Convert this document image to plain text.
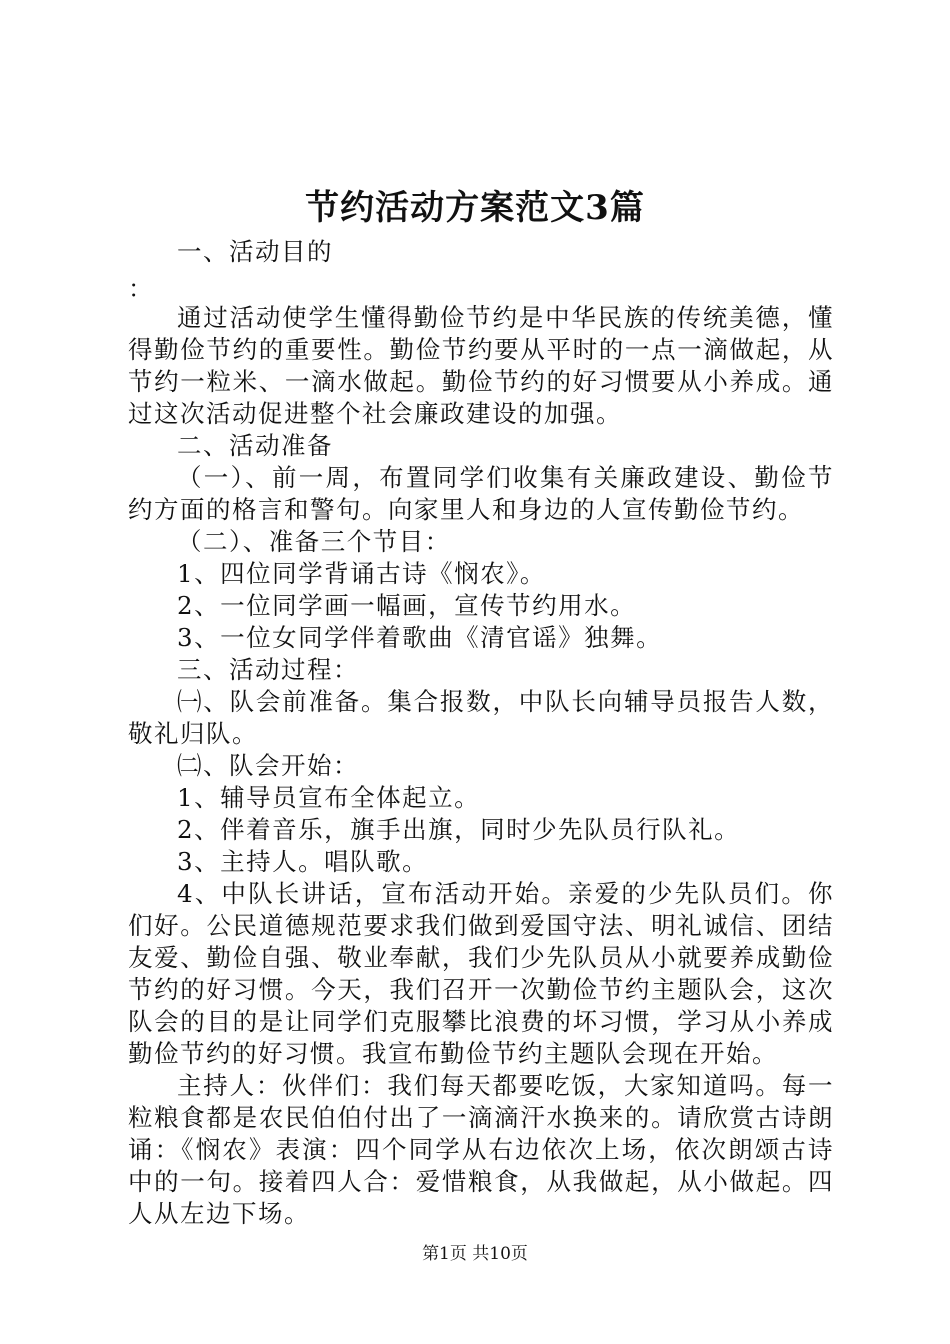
节约活动方案范文3篇

一、活动目的

：

通过活动使学生懂得勤俭节约是中华民族的传统美德，懂得勤俭节约的重要性。勤俭节约要从平时的一点一滴做起，从节约一粒米、一滴水做起。勤俭节约的好习惯要从小养成。通过这次活动促进整个社会廉政建设的加强。

二、活动准备

（一）、前一周，布置同学们收集有关廉政建设、勤俭节约方面的格言和警句。向家里人和身边的人宣传勤俭节约。

（二）、准备三个节目：

1、四位同学背诵古诗《悯农》。

2、一位同学画一幅画，宣传节约用水。

3、一位女同学伴着歌曲《清官谣》独舞。

三、活动过程：

㈠、队会前准备。集合报数，中队长向辅导员报告人数，敬礼归队。

㈡、队会开始：

1、辅导员宣布全体起立。

2、伴着音乐，旗手出旗，同时少先队员行队礼。

3、主持人。唱队歌。

4、中队长讲话，宣布活动开始。亲爱的少先队员们。你们好。公民道德规范要求我们做到爱国守法、明礼诚信、团结友爱、勤俭自强、敬业奉献，我们少先队员从小就要养成勤俭节约的好习惯。今天，我们召开一次勤俭节约主题队会，这次队会的目的是让同学们克服攀比浪费的坏习惯，学习从小养成勤俭节约的好习惯。我宣布勤俭节约主题队会现在开始。

主持人：伙伴们：我们每天都要吃饭，大家知道吗。每一粒粮食都是农民伯伯付出了一滴滴汗水换来的。请欣赏古诗朗诵：《悯农》表演：四个同学从右边依次上场，依次朗颂古诗中的一句。接着四人合：爱惜粮食，从我做起，从小做起。四人从左边下场。

第1页 共10页
